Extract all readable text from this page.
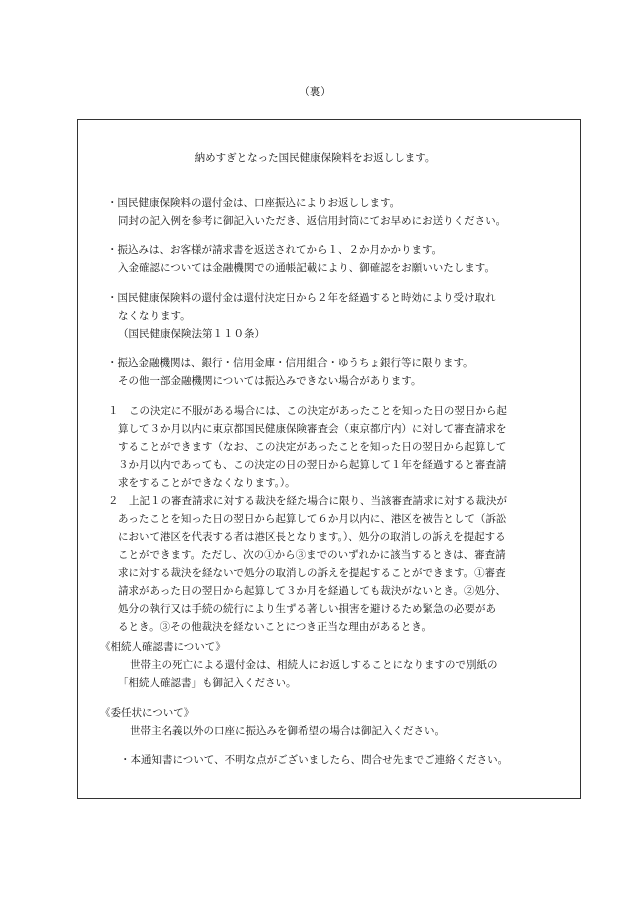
（裏）
納めすぎとなった国民健康保険料をお返しします。
・国民健康保険料の還付金は、口座振込によりお返しします。
同封の記入例を参考に御記入いただき、返信用封筒にてお早めにお送りください。
・振込みは、お客様が請求書を返送されてから１、２か月かかります。
入金確認については金融機関での通帳記載により、御確認をお願いいたします。
・国民健康保険料の還付金は還付決定日から２年を経過すると時効により受け取れ
なくなります。
（国民健康保険法第１１０条）
・振込金融機関は、銀行・信用金庫・信用組合・ゆうちょ銀行等に限ります。
その他一部金融機関については振込みできない場合があります。
１　この決定に不服がある場合には、この決定があったことを知った日の翌日から起
算して３か月以内に東京都国民健康保険審査会（東京都庁内）に対して審査請求を
することができます（なお、この決定があったことを知った日の翌日から起算して
３か月以内であっても、この決定の日の翌日から起算して１年を経過すると審査請
求をすることができなくなります。）。
２　上記１の審査請求に対する裁決を経た場合に限り、当該審査請求に対する裁決が
あったことを知った日の翌日から起算して６か月以内に、港区を被告として（訴訟
において港区を代表する者は港区長となります。）、処分の取消しの訴えを提起する
ことができます。ただし、次の①から③までのいずれかに該当するときは、審査請
求に対する裁決を経ないで処分の取消しの訴えを提起することができます。①審査
請求があった日の翌日から起算して３か月を経過しても裁決がないとき。②処分、
処分の執行又は手続の続行により生ずる著しい損害を避けるため緊急の必要があ
るとき。③その他裁決を経ないことにつき正当な理由があるとき。
《相続人確認書について》
世帯主の死亡による還付金は、相続人にお返しすることになりますので別紙の
「相続人確認書」も御記入ください。
《委任状について》
世帯主名義以外の口座に振込みを御希望の場合は御記入ください。
・本通知書について、不明な点がございましたら、問合せ先までご連絡ください。
